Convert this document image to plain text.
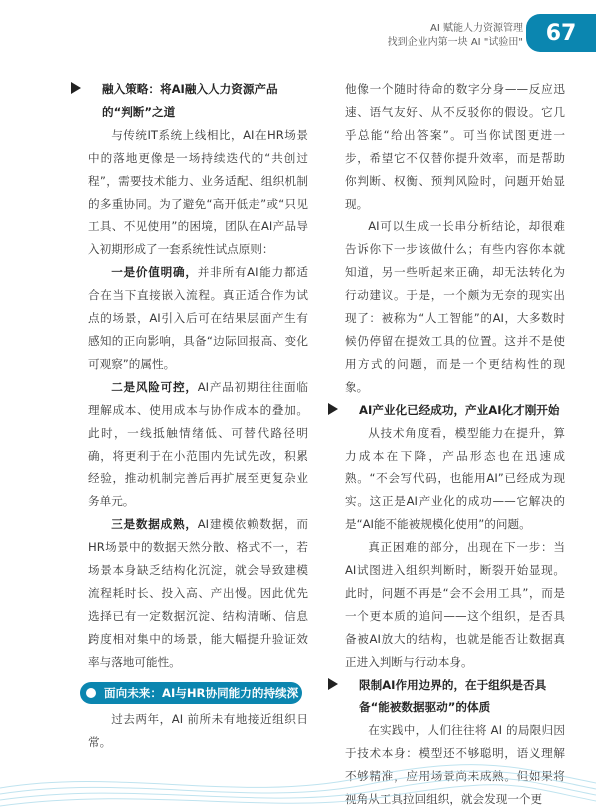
AI 赋能人力资源管理
找到企业内第一块 AI "试验田"	67
融入策略：将AI融入人力资源产品的“判断”之道

与传统IT系统上线相比，AI在HR场景中的落地更像是一场持续迭代的“共创过程”，需要技术能力、业务适配、组织机制的多重协同。为了避免“高开低走”或“只见工具、不见使用”的困境，团队在AI产品导入初期形成了一套系统性试点原则：

一是价值明确，并非所有AI能力都适合在当下直接嵌入流程。真正适合作为试点的场景，AI引入后可在结果层面产生有感知的正向影响，具备“边际回报高、变化可观察”的属性。

二是风险可控，AI产品初期往往面临理解成本、使用成本与协作成本的叠加。此时，一线抵触情绪低、可替代路径明确，将更利于在小范围内先试先改，积累经验，推动机制完善后再扩展至更复杂业务单元。

三是数据成熟，AI建模依赖数据，而HR场景中的数据天然分散、格式不一，若场景本身缺乏结构化沉淀，就会导致建模流程耗时长、投入高、产出慢。因此优先选择已有一定数据沉淀、结构清晰、信息跨度相对集中的场景，能大幅提升验证效率与落地可能性。

面向未来：AI与HR协同能力的持续深化

过去两年，AI 前所未有地接近组织日常。

他像一个随时待命的数字分身——反应迅速、语气友好、从不反驳你的假设。它几乎总能“给出答案”。可当你试图更进一步，希望它不仅替你提升效率，而是帮助你判断、权衡、预判风险时，问题开始显现。

AI可以生成一长串分析结论，却很难告诉你下一步该做什么；有些内容你本就知道，另一些听起来正确，却无法转化为行动建议。于是，一个颇为无奈的现实出现了：被称为“人工智能”的AI，大多数时候仍停留在提效工具的位置。这并不是使用方式的问题，而是一个更结构性的现象。

AI产业化已经成功，产业AI化才刚开始

从技术角度看，模型能力在提升，算力成本在下降，产品形态也在迅速成熟。“不会写代码，也能用AI”已经成为现实。这正是AI产业化的成功——它解决的是“AI能不能被规模化使用”的问题。

真正困难的部分，出现在下一步：当AI试图进入组织判断时，断裂开始显现。此时，问题不再是“会不会用工具”，而是一个更本质的追问——这个组织，是否具备被AI放大的结构，也就是能否让数据真正进入判断与行动本身。

限制AI作用边界的，在于组织是否具备“能被数据驱动”的体质

在实践中，人们往往将 AI 的局限归因于技术本身：模型还不够聪明，语义理解不够精准，应用场景尚未成熟。但如果将视角从工具拉回组织，就会发现一个更
